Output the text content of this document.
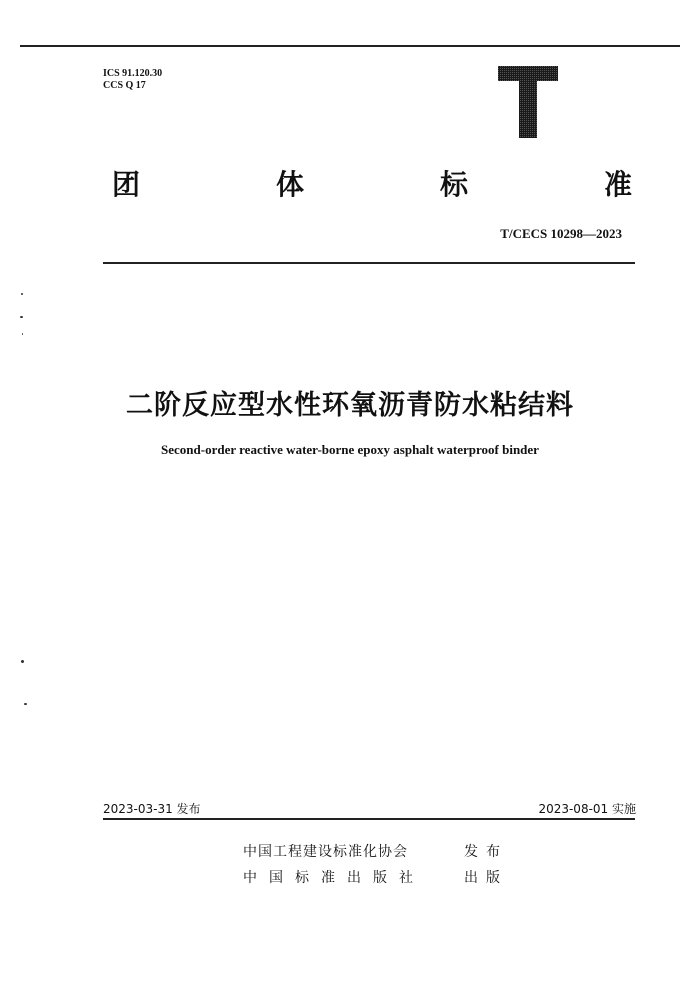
ICS 91.120.30
CCS Q 17
团	体	标	准
T/CECS 10298—2023
二阶反应型水性环氧沥青防水粘结料
Second-order reactive water-borne epoxy asphalt waterproof binder
2023-03-31 发布	2023-08-01 实施
中国工程建设标准化协会	发布
中国标准出版社	出版
